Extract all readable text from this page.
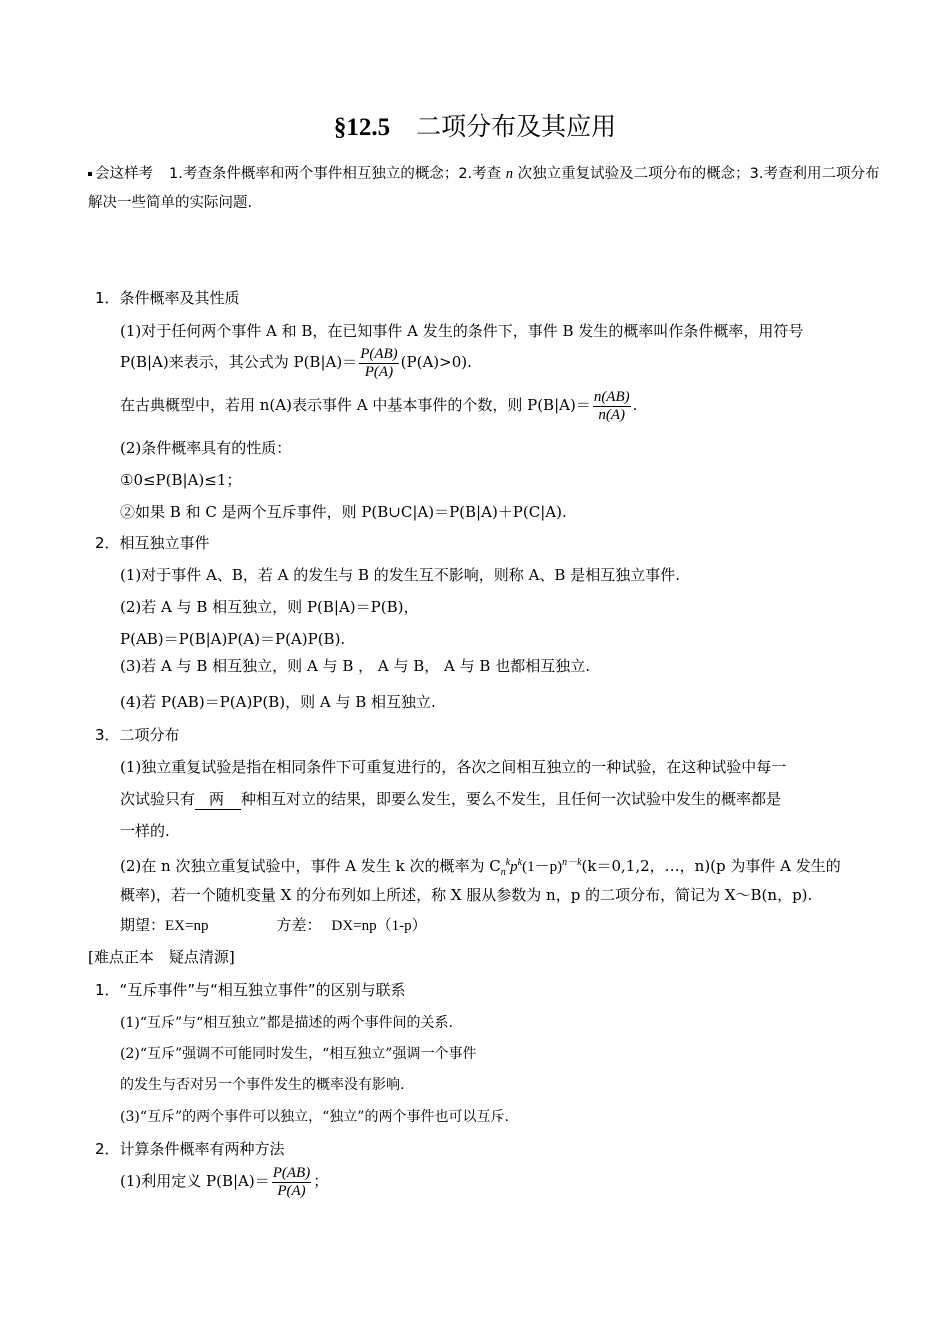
§12.5 二项分布及其应用
会这样考 1.考查条件概率和两个事件相互独立的概念；2.考查 n 次独立重复试验及二项分布的概念；3.考查利用二项分布解决一些简单的实际问题.
1．条件概率及其性质
(1)对于任何两个事件 A 和 B，在已知事件 A 发生的条件下，事件 B 发生的概率叫作条件概率，用符号
P(B|A)来表示，其公式为 $P(B|A)= \frac{P(AB)}{P(A)} (P(A)>0)$.
在古典概型中，若用 n(A)表示事件 A 中基本事件的个数，则 $P(B|A)= \frac{n(AB)}{n(A)}$ .
(2)条件概率具有的性质：
①0≤P(B|A)≤1；
②如果 B 和 C 是两个互斥事件，则 P(B∪C|A)＝P(B|A)＋P(C|A).
2．相互独立事件
(1)对于事件 A、B，若 A 的发生与 B 的发生互不影响，则称 A、B 是相互独立事件.
(2)若 A 与 B 相互独立，则 P(B|A)＝P(B)，
P(AB)＝P(B|A)P(A)＝P(A)P(B).
(3)若 A 与 B 相互独立，则 A 与 B ， A 与 B， A 与 B 也都相互独立.
(4)若 P(AB)＝P(A)P(B)，则 A 与 B 相互独立.
3．二项分布
(1)独立重复试验是指在相同条件下可重复进行的，各次之间相互独立的一种试验，在这种试验中每一
次试验只有 两 种相互对立的结果，即要么发生，要么不发生，且任何一次试验中发生的概率都是
一样的.
(2)在 n 次独立重复试验中，事件 A 发生 k 次的概率为 $C_n^kp^k(1-p)^{n-k}(k=0,1,2$，…，n)(p 为事件 A 发生的
概率)，若一个随机变量 X 的分布列如上所述，称 X 服从参数为 n，p 的二项分布，简记为 X～B(n，p).
期望：EX=np	方差： DX=np（1-p）
[难点正本　疑点清源]
1．“互斥事件”与“相互独立事件”的区别与联系
(1)“互斥”与“相互独立”都是描述的两个事件间的关系.
(2)“互斥”强调不可能同时发生，“相互独立”强调一个事件
的发生与否对另一个事件发生的概率没有影响.
(3)“互斥”的两个事件可以独立，“独立”的两个事件也可以互斥.
2．计算条件概率有两种方法
(1)利用定义 $P(B|A)= \frac{P(AB)}{P(A)}$ ；
